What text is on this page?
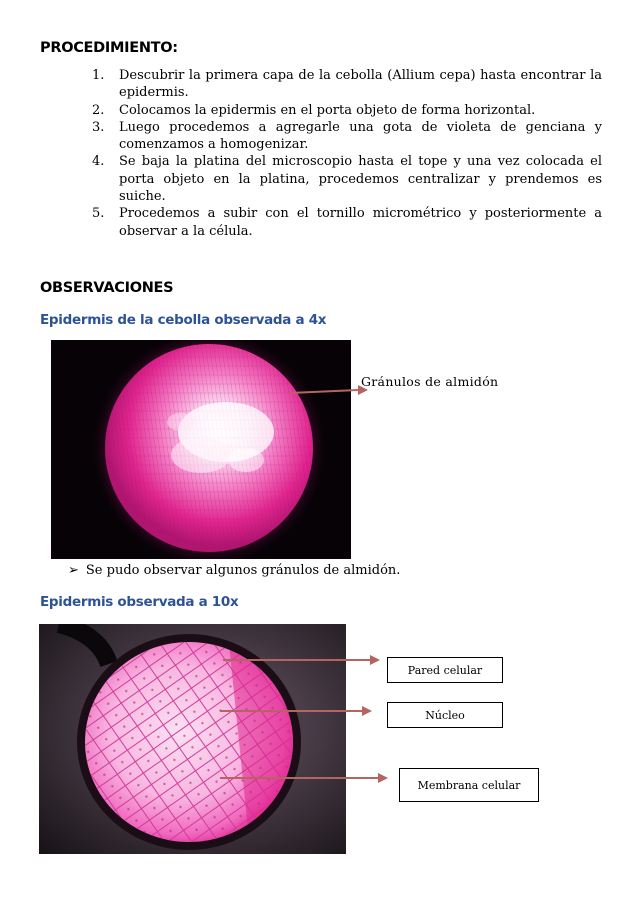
PROCEDIMIENTO:
1.	Descubrir la primera capa de la cebolla (Allium cepa) hasta encontrar la epidermis.
2.	Colocamos la epidermis en el porta objeto de forma horizontal.
3.	Luego procedemos a agregarle una gota de violeta de genciana y comenzamos a homogenizar.
4.	Se baja la platina del microscopio hasta el tope y una vez colocada el porta objeto en la platina, procedemos centralizar y prendemos es suiche.
5.	Procedemos a subir con el tornillo micrométrico y posteriormente a observar a la célula.
OBSERVACIONES
Epidermis de la cebolla observada a 4x
Gránulos de almidón
➢ Se pudo observar algunos gránulos de almidón.
Epidermis observada a 10x
Pared celular
Núcleo
Membrana celular
